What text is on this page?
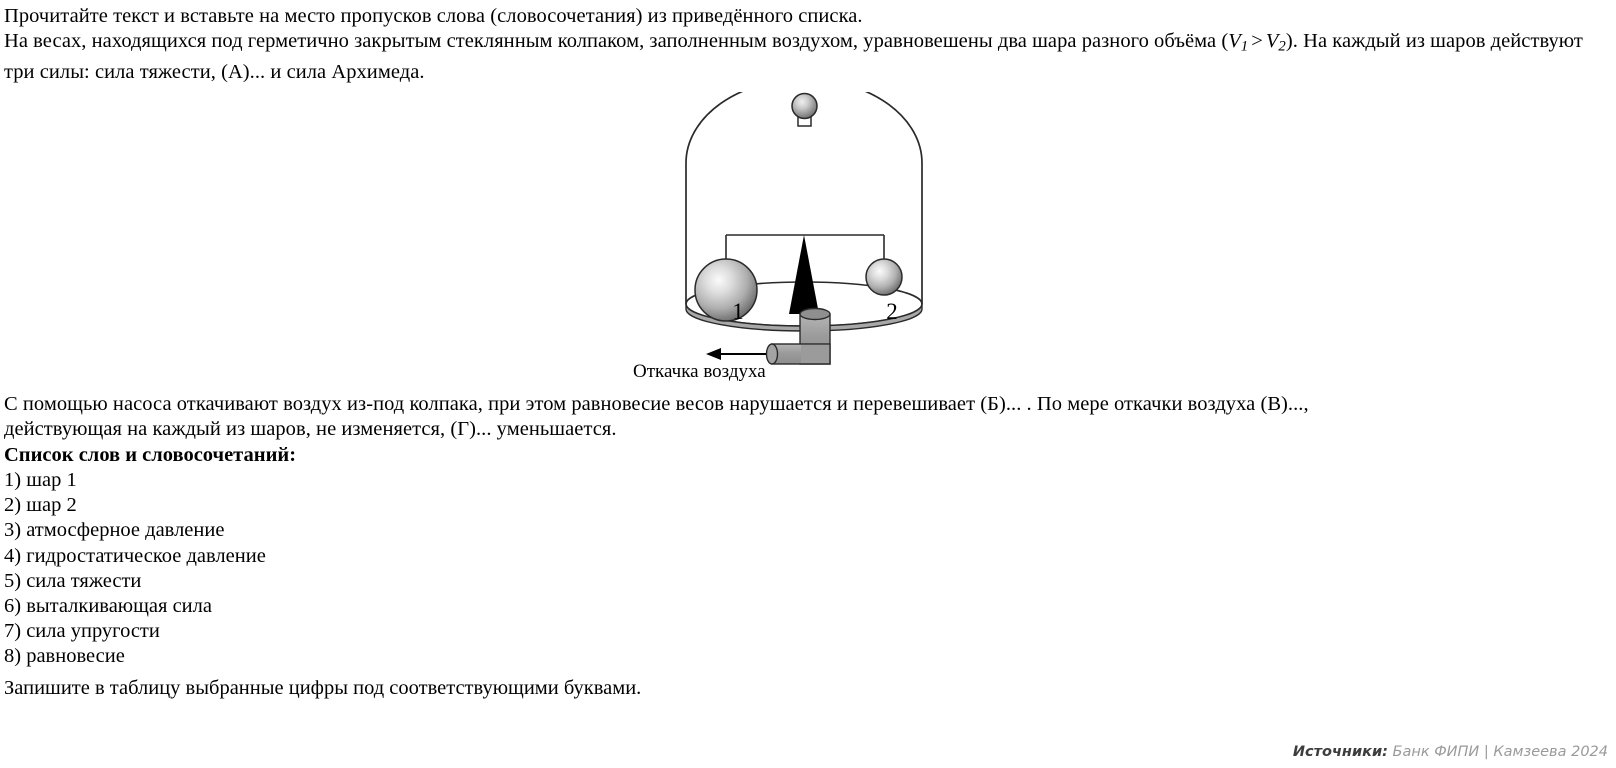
Прочитайте текст и вставьте на место пропусков слова (словосочетания) из приведённого списка.
На весах, находящихся под герметично закрытым стеклянным колпаком, заполненным воздухом, уравновешены два шара разного объёма $(V_1 > V_2)$. На каждый из шаров действуют три силы: сила тяжести, (А)... и сила Архимеда.
1	2
Откачка воздуха
С помощью насоса откачивают воздух из-под колпака, при этом равновесие весов нарушается и перевешивает (Б)... . По мере откачки воздуха (В)...,
действующая на каждый из шаров, не изменяется, (Г)... уменьшается.
Список слов и словосочетаний:
1) шар 1
2) шар 2
3) атмосферное давление
4) гидростатическое давление
5) сила тяжести
6) выталкивающая сила
7) сила упругости
8) равновесие
Запишите в таблицу выбранные цифры под соответствующими буквами.
Источники: Банк ФИПИ | Камзеева 2024
